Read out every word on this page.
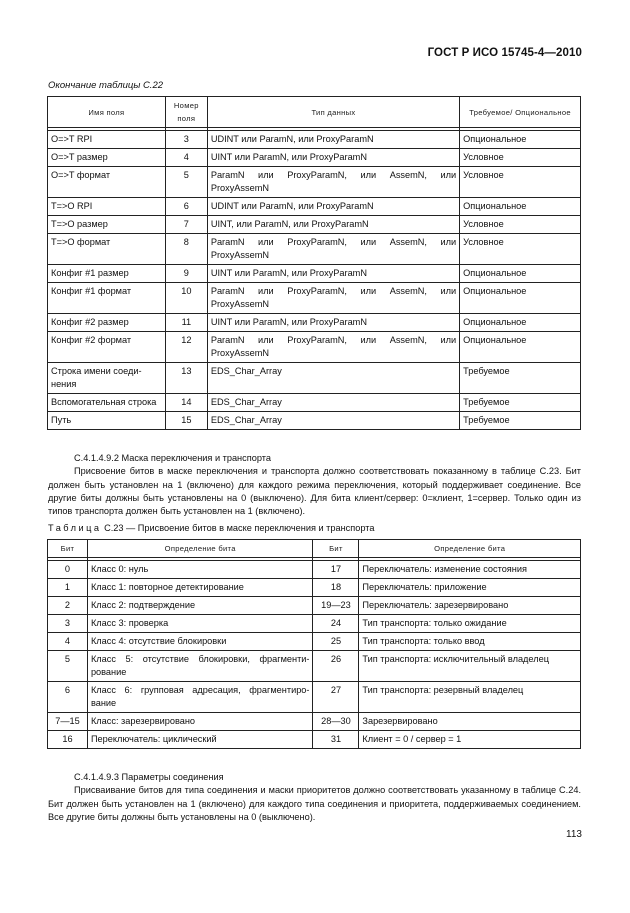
ГОСТ Р ИСО 15745-4—2010
Окончание таблицы С.22
Имя поля	Номер поля	Тип данных	Требуемое/ Опциональное

O=>T RPI	3	UDINT или ParamN, или ProxyParamN	Опциональное
O=>T размер	4	UINT или ParamN, или ProxyParamN	Условное
O=>T формат	5	ParamN или ProxyParamN, или AssemN, или ProxyAssemN	Условное
T=>O RPI	6	UDINT или ParamN, или ProxyParamN	Опциональное
T=>O размер	7	UINT, или ParamN, или ProxyParamN	Условное
T=>O формат	8	ParamN или ProxyParamN, или AssemN, или ProxyAssemN	Условное
Конфиг #1 размер	9	UINT или ParamN, или ProxyParamN	Опциональное
Конфиг #1 формат	10	ParamN или ProxyParamN, или AssemN, или ProxyAssemN	Опциональное
Конфиг #2 размер	11	UINT или ParamN, или ProxyParamN	Опциональное
Конфиг #2 формат	12	ParamN или ProxyParamN, или AssemN, или ProxyAssemN	Опциональное
Строка имени соеди-нения	13	EDS_Char_Array	Требуемое
Вспомогательная строка	14	EDS_Char_Array	Требуемое
Путь	15	EDS_Char_Array	Требуемое

С.4.1.4.9.2 Маска переключения и транспорта

Присвоение битов в маске переключения и транспорта должно соответствовать показанному в таблице С.23. Бит должен быть установлен на 1 (включено) для каждого режима переключения, который поддерживает соединение. Все другие биты должны быть установлены на 0 (выключено). Для бита клиент/сервер: 0=клиент, 1=сервер. Только один из типов транспорта должен быть установлен на 1 (включено).

Таблица С.23 — Присвоение битов в маске переключения и транспорта
Бит	Определение бита	Бит	Определение бита

0	Класс 0: нуль	17	Переключатель: изменение состояния
1	Класс 1: повторное детектирование	18	Переключатель: приложение
2	Класс 2: подтверждение	19—23	Переключатель: зарезервировано
3	Класс 3: проверка	24	Тип транспорта: только ожидание
4	Класс 4: отсутствие блокировки	25	Тип транспорта: только ввод
5	Класс 5: отсутствие блокировки, фрагменти-рование	26	Тип транспорта: исключительный владелец
6	Класс 6: групповая адресация, фрагментиро-вание	27	Тип транспорта: резервный владелец
7—15	Класс: зарезервировано	28—30	Зарезервировано
16	Переключатель: циклический	31	Клиент = 0 / сервер = 1

С.4.1.4.9.3 Параметры соединения

Присваивание битов для типа соединения и маски приоритетов должно соответствовать указанному в таблице С.24. Бит должен быть установлен на 1 (включено) для каждого типа соединения и приоритета, поддерживаемых соединением. Все другие биты должны быть установлены на 0 (выключено).

113
